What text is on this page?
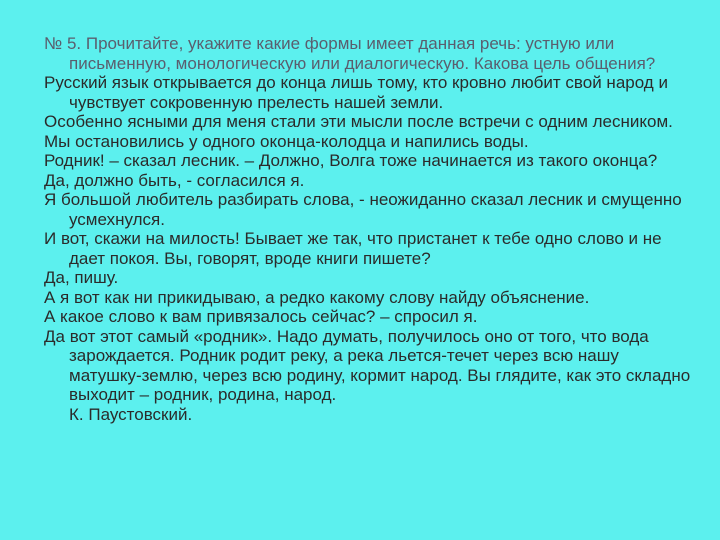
№ 5. Прочитайте, укажите какие формы имеет данная речь: устную или письменную, монологическую или диалогическую. Какова цель общения?

Русский язык открывается до конца лишь тому, кто кровно любит свой народ и чувствует сокровенную прелесть нашей земли.

Особенно ясными для меня стали эти мысли после встречи с одним лесником.

Мы остановились у одного оконца-колодца и напились воды.

Родник! – сказал лесник. – Должно, Волга тоже начинается из такого оконца?

Да, должно быть, - согласился я.

Я большой любитель разбирать слова, - неожиданно сказал лесник и смущенно усмехнулся.

И вот, скажи на милость! Бывает же так, что пристанет к тебе одно слово и не дает покоя. Вы, говорят, вроде книги пишете?

Да, пишу.

А я вот как ни прикидываю, а редко какому слову найду объяснение.

А какое слово к вам привязалось сейчас? – спросил я.

Да вот этот самый «родник». Надо думать, получилось оно от того, что вода зарождается. Родник родит реку, а река льется-течет через всю нашу матушку-землю, через всю родину, кормит народ. Вы глядите, как это складно выходит – родник, родина, народ.

К. Паустовский.
